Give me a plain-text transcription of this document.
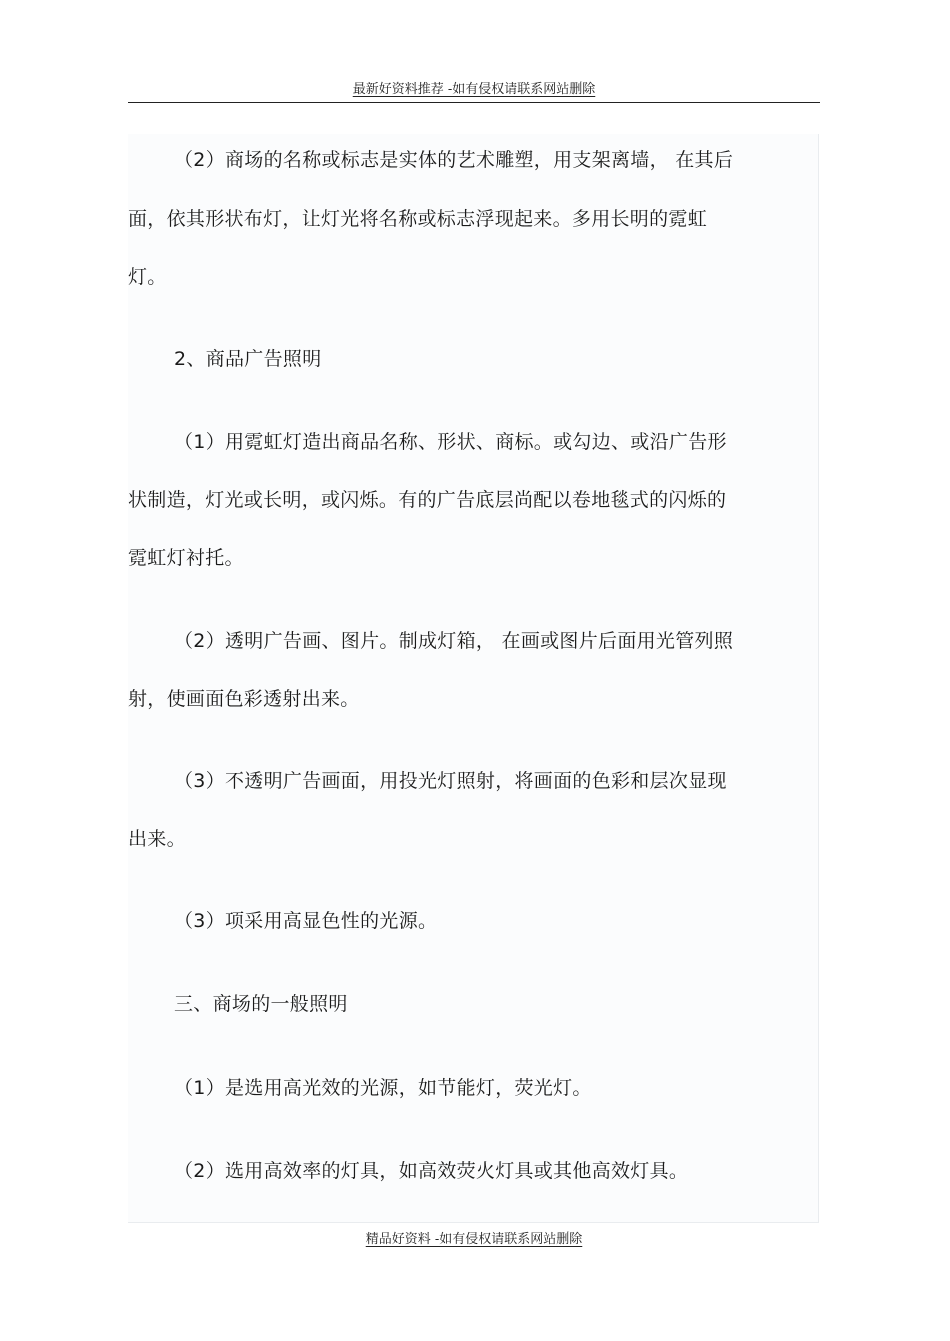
最新好资料推荐 -如有侵权请联系网站删除
（2）商场的名称或标志是实体的艺术雕塑，用支架离墙， 在其后
面，依其形状布灯，让灯光将名称或标志浮现起来。多用长明的霓虹
灯。
2、商品广告照明
（1）用霓虹灯造出商品名称、形状、商标。或勾边、或沿广告形
状制造，灯光或长明，或闪烁。有的广告底层尚配以卷地毯式的闪烁的
霓虹灯衬托。
（2）透明广告画、图片。制成灯箱， 在画或图片后面用光管列照
射，使画面色彩透射出来。
（3）不透明广告画面，用投光灯照射，将画面的色彩和层次显现
出来。
（3）项采用高显色性的光源。
三、商场的一般照明
（1）是选用高光效的光源，如节能灯，荧光灯。
（2）选用高效率的灯具，如高效荧火灯具或其他高效灯具。
精品好资料 -如有侵权请联系网站删除
